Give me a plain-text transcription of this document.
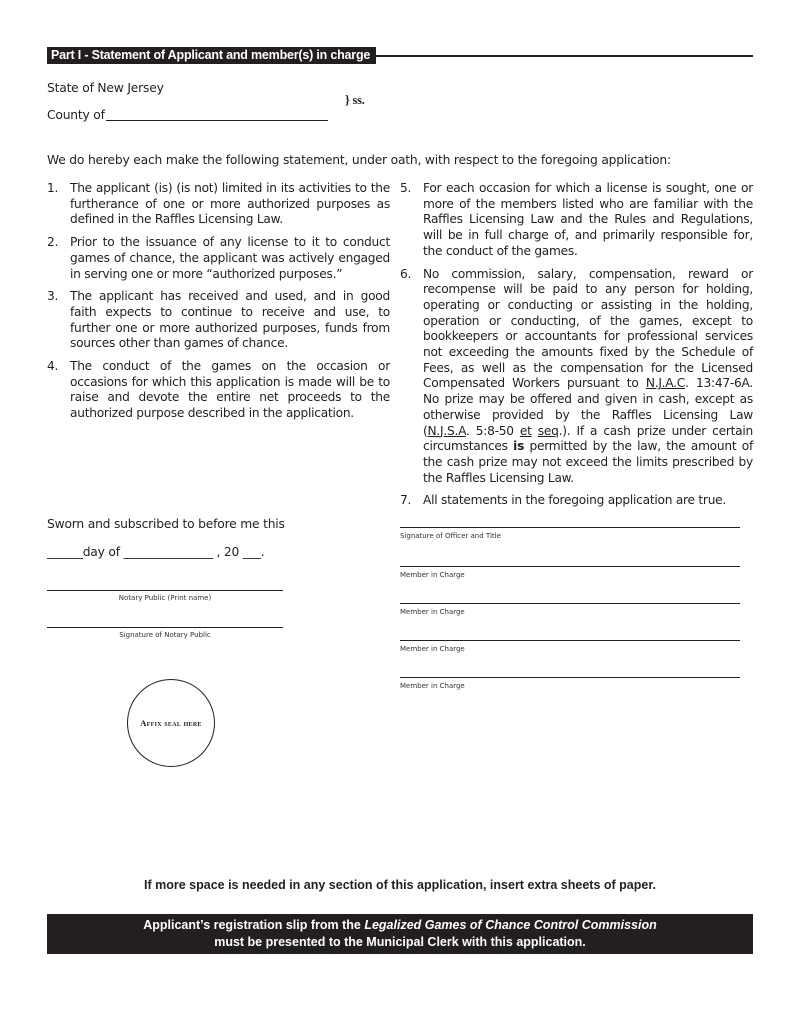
Part I - Statement of Applicant and member(s) in charge
State of New Jersey
} ss.
County of
We do hereby each make the following statement, under oath, with respect to the foregoing application:
1. The applicant (is) (is not) limited in its activities to the furtherance of one or more authorized purposes as defined in the Raffles Licensing Law.
2. Prior to the issuance of any license to it to conduct games of chance, the applicant was actively engaged in serving one or more “authorized purposes.”
3. The applicant has received and used, and in good faith expects to continue to receive and use, to further one or more authorized purposes, funds from sources other than games of chance.
4. The conduct of the games on the occasion or occasions for which this application is made will be to raise and devote the entire net proceeds to the authorized purpose described in the application.
5. For each occasion for which a license is sought, one or more of the members listed who are familiar with the Raffles Licensing Law and the Rules and Regulations, will be in full charge of, and primarily responsible for, the conduct of the games.
6. No commission, salary, compensation, reward or recompense will be paid to any person for holding, operating or conducting or assisting in the holding, operation or conducting, of the games, except to bookkeepers or accountants for professional services not exceeding the amounts fixed by the Schedule of Fees, as well as the compensation for the Licensed Compensated Workers pursuant to N.J.A.C. 13:47-6A. No prize may be offered and given in cash, except as otherwise provided by the Raffles Licensing Law (N.J.S.A. 5:8-50 et seq.). If a cash prize under certain circumstances is permitted by the law, the amount of the cash prize may not exceed the limits prescribed by the Raffles Licensing Law.
7. All statements in the foregoing application are true.
Sworn and subscribed to before me this
______day of _______________ , 20 ___.
Notary Public (Print name)
Signature of Notary Public
Affix seal here
Signature of Officer and Title
Member in Charge
Member in Charge
Member in Charge
Member in Charge
If more space is needed in any section of this application, insert extra sheets of paper.
Applicant’s registration slip from the Legalized Games of Chance Control Commission
must be presented to the Municipal Clerk with this application.
